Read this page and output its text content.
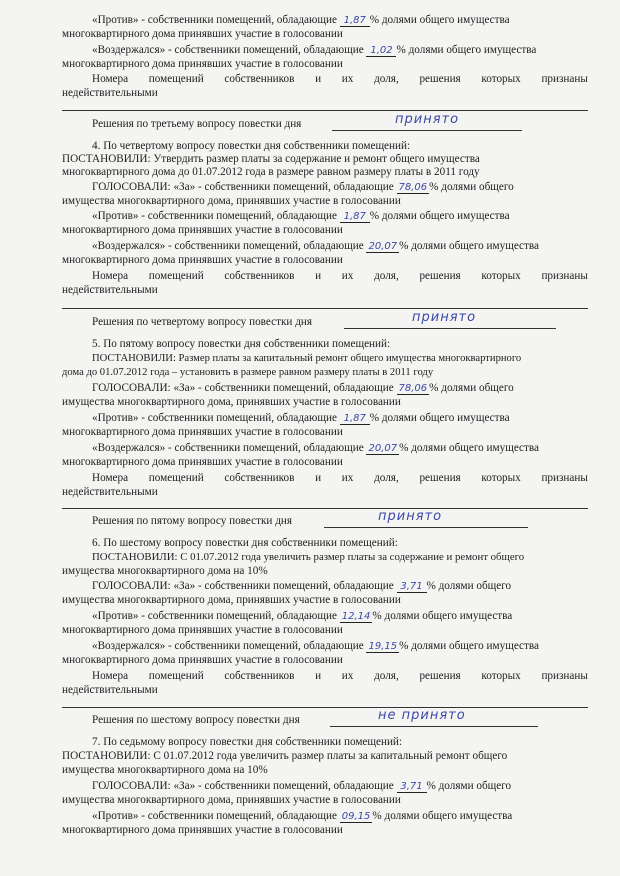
«Против» - собственники помещений, обладающие 1,87 % долями общего имущества
многоквартирного дома принявших участие в голосовании
«Воздержался» - собственники помещений, обладающие 1,02 % долями общего имущества
многоквартирного дома принявших участие в голосовании
Номера помещений собственников и их доля, решения которых признаны
недействительными
Решения по третьему вопросу повестки дня	принято
4. По четвертому вопросу повестки дня собственники помещений:
ПОСТАНОВИЛИ: Утвердить размер платы за содержание и ремонт общего имущества
многоквартирного дома до 01.07.2012 года в размере равном размеру платы в 2011 году
ГОЛОСОВАЛИ: «За» - собственники помещений, обладающие 78,06 % долями общего
имущества многоквартирного дома, принявших участие в голосовании
«Против» - собственники помещений, обладающие 1,87 % долями общего имущества
многоквартирного дома принявших участие в голосовании
«Воздержался» - собственники помещений, обладающие 20,07 % долями общего имущества
многоквартирного дома принявших участие в голосовании
Номера помещений собственников и их доля, решения которых признаны
недействительными
Решения по четвертому вопросу повестки дня	принято
5. По пятому вопросу повестки дня собственники помещений:
ПОСТАНОВИЛИ: Размер платы за капитальный ремонт общего имущества многоквартирного
дома до 01.07.2012 года – установить в размере равном размеру платы в 2011 году
ГОЛОСОВАЛИ: «За» - собственники помещений, обладающие 78,06 % долями общего
имущества многоквартирного дома, принявших участие в голосовании
«Против» - собственники помещений, обладающие 1,87 % долями общего имущества
многоквартирного дома принявших участие в голосовании
«Воздержался» - собственники помещений, обладающие 20,07 % долями общего имущества
многоквартирного дома принявших участие в голосовании
Номера помещений собственников и их доля, решения которых признаны
недействительными
Решения по пятому вопросу повестки дня	принято
6. По шестому вопросу повестки дня собственники помещений:
ПОСТАНОВИЛИ: С 01.07.2012 года увеличить размер платы за содержание и ремонт общего
имущества многоквартирного дома на 10%
ГОЛОСОВАЛИ: «За» - собственники помещений, обладающие 3,71 % долями общего
имущества многоквартирного дома, принявших участие в голосовании
«Против» - собственники помещений, обладающие 12,14 % долями общего имущества
многоквартирного дома принявших участие в голосовании
«Воздержался» - собственники помещений, обладающие 19,15 % долями общего имущества
многоквартирного дома принявших участие в голосовании
Номера помещений собственников и их доля, решения которых признаны
недействительными
Решения по шестому вопросу повестки дня	не принято
7. По седьмому вопросу повестки дня собственники помещений:
ПОСТАНОВИЛИ: С 01.07.2012 года увеличить размер платы за капитальный ремонт общего
имущества многоквартирного дома на 10%
ГОЛОСОВАЛИ: «За» - собственники помещений, обладающие 3,71 % долями общего
имущества многоквартирного дома, принявших участие в голосовании
«Против» - собственники помещений, обладающие 09,15 % долями общего имущества
многоквартирного дома принявших участие в голосовании
